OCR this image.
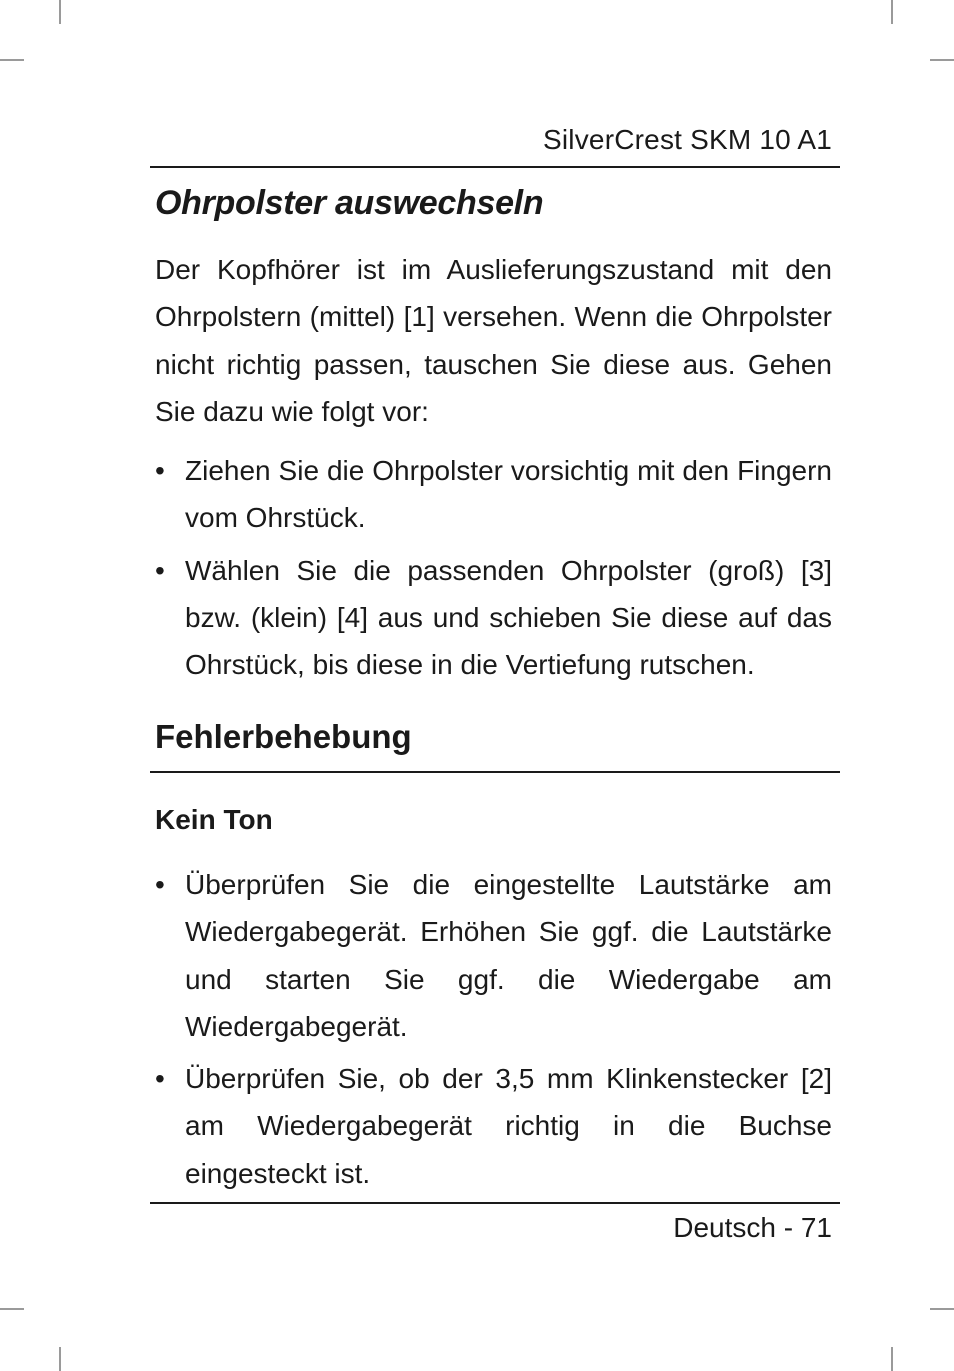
SilverCrest SKM 10 A1
Ohrpolster auswechseln

Der Kopfhörer ist im Auslieferungszustand mit den Ohrpolstern (mittel) [1] versehen. Wenn die Ohrpolster nicht richtig passen, tauschen Sie diese aus. Gehen Sie dazu wie folgt vor:

• Ziehen Sie die Ohrpolster vorsichtig mit den Fingern vom Ohrstück.
• Wählen Sie die passenden Ohrpolster (groß) [3] bzw. (klein) [4] aus und schieben Sie diese auf das Ohrstück, bis diese in die Vertiefung rutschen.
Fehlerbehebung
Kein Ton
• Überprüfen Sie die eingestellte Lautstärke am Wiedergabegerät. Erhöhen Sie ggf. die Lautstärke und starten Sie ggf. die Wiedergabe am Wiedergabegerät.
• Überprüfen Sie, ob der 3,5 mm Klinkenstecker [2] am Wiedergabegerät richtig in die Buchse eingesteckt ist.
Deutsch - 71
